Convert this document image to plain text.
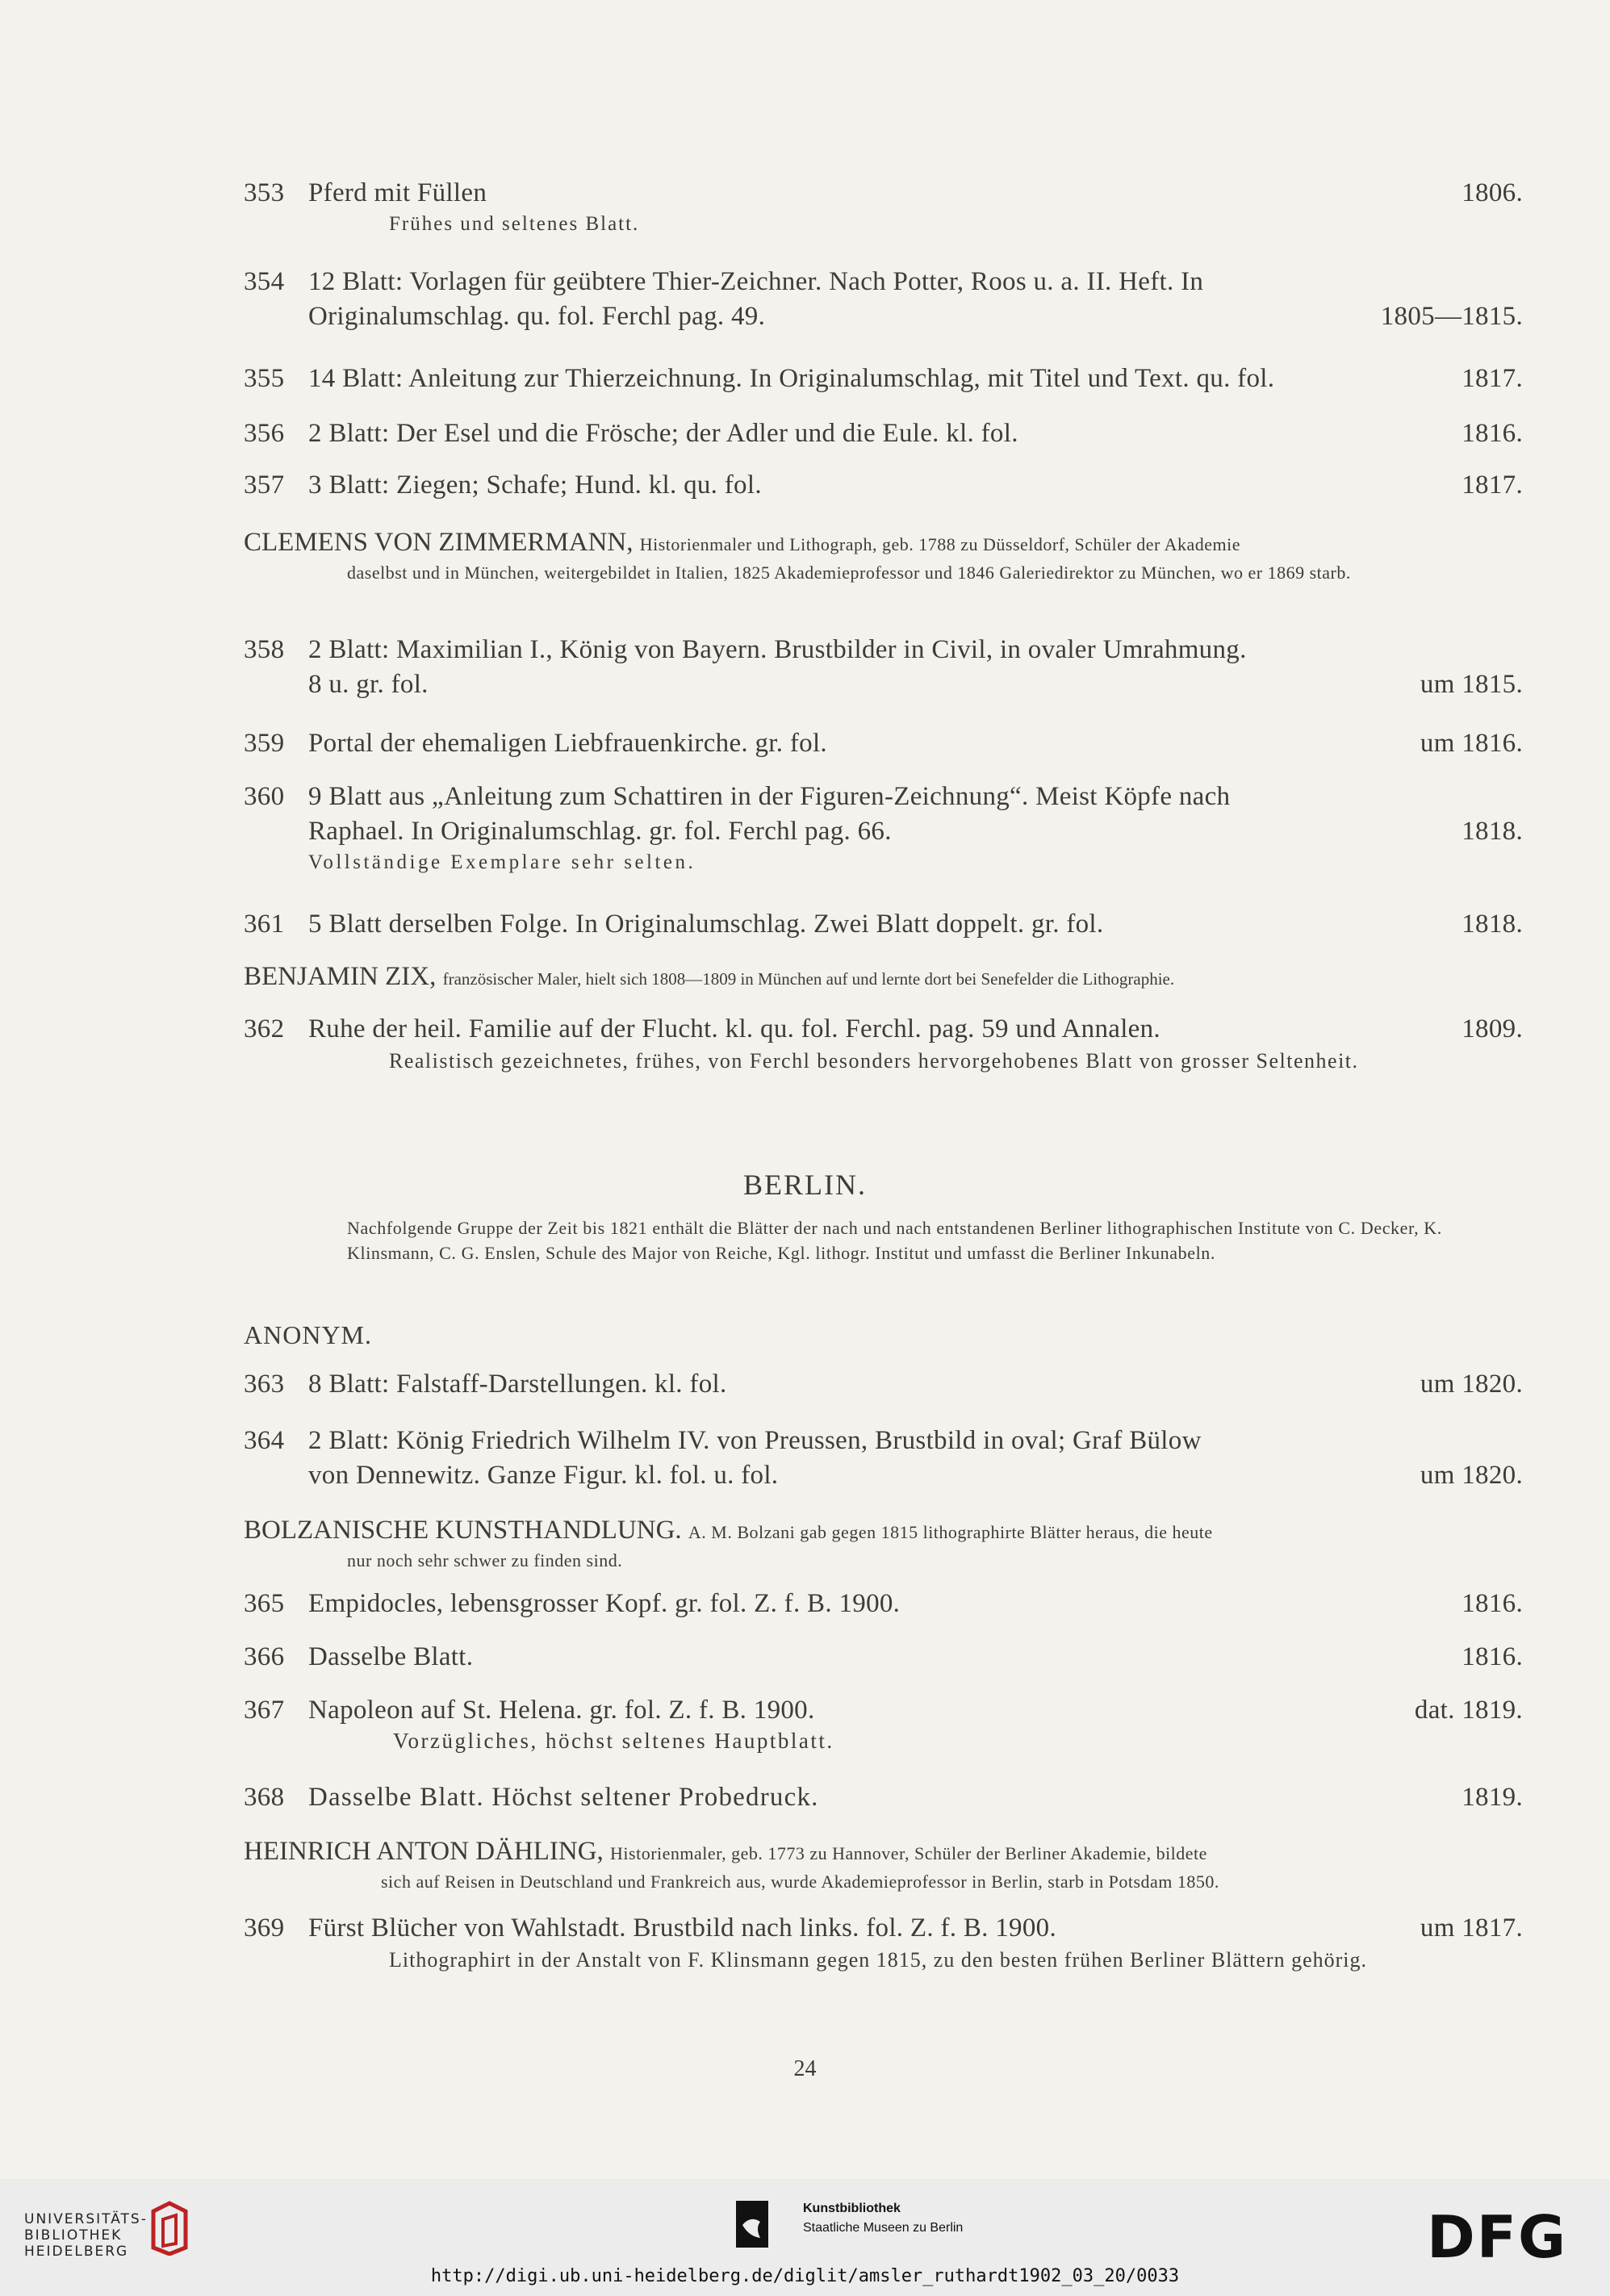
353 Pferd mit Füllen	1806.
Frühes und seltenes Blatt.
354 12 Blatt: Vorlagen für geübtere Thier-Zeichner. Nach Potter, Roos u. a. II. Heft. In
Originalumschlag. qu. fol. Ferchl pag. 49.	1805—1815.
355 14 Blatt: Anleitung zur Thierzeichnung. In Originalumschlag, mit Titel und Text. qu. fol.	1817.
356 2 Blatt: Der Esel und die Frösche; der Adler und die Eule. kl. fol.	1816.
357 3 Blatt: Ziegen; Schafe; Hund. kl. qu. fol.	1817.
CLEMENS VON ZIMMERMANN, Historienmaler und Lithograph, geb. 1788 zu Düsseldorf, Schüler der Akademie
daselbst und in München, weitergebildet in Italien, 1825 Akademieprofessor und 1846 Galeriedirektor zu München, wo er 1869 starb.
358 2 Blatt: Maximilian I., König von Bayern. Brustbilder in Civil, in ovaler Umrahmung.
8 u. gr. fol.	um 1815.
359 Portal der ehemaligen Liebfrauenkirche. gr. fol.	um 1816.
360 9 Blatt aus „Anleitung zum Schattiren in der Figuren-Zeichnung“. Meist Köpfe nach
Raphael. In Originalumschlag. gr. fol. Ferchl pag. 66.	1818.
Vollständige Exemplare sehr selten.
361 5 Blatt derselben Folge. In Originalumschlag. Zwei Blatt doppelt. gr. fol.	1818.
BENJAMIN ZIX, französischer Maler, hielt sich 1808—1809 in München auf und lernte dort bei Senefelder die Lithographie.
362 Ruhe der heil. Familie auf der Flucht. kl. qu. fol. Ferchl. pag. 59 und Annalen.	1809.
Realistisch gezeichnetes, frühes, von Ferchl besonders hervorgehobenes Blatt von grosser Seltenheit.
BERLIN.
Nachfolgende Gruppe der Zeit bis 1821 enthält die Blätter der nach und nach entstandenen Berliner lithographischen Institute von C. Decker, K. Klinsmann, C. G. Enslen, Schule des Major von Reiche, Kgl. lithogr. Institut und umfasst die Berliner Inkunabeln.
ANONYM.
363 8 Blatt: Falstaff-Darstellungen. kl. fol.	um 1820.
364 2 Blatt: König Friedrich Wilhelm IV. von Preussen, Brustbild in oval; Graf Bülow
von Dennewitz. Ganze Figur. kl. fol. u. fol.	um 1820.
BOLZANISCHE KUNSTHANDLUNG. A. M. Bolzani gab gegen 1815 lithographirte Blätter heraus, die heute
nur noch sehr schwer zu finden sind.
365 Empidocles, lebensgrosser Kopf. gr. fol. Z. f. B. 1900.	1816.
366 Dasselbe Blatt.	1816.
367 Napoleon auf St. Helena. gr. fol. Z. f. B. 1900.	dat. 1819.
Vorzügliches, höchst seltenes Hauptblatt.
368 Dasselbe Blatt. Höchst seltener Probedruck.	1819.
HEINRICH ANTON DÄHLING, Historienmaler, geb. 1773 zu Hannover, Schüler der Berliner Akademie, bildete
sich auf Reisen in Deutschland und Frankreich aus, wurde Akademieprofessor in Berlin, starb in Potsdam 1850.
369 Fürst Blücher von Wahlstadt. Brustbild nach links. fol. Z. f. B. 1900.	um 1817.
Lithographirt in der Anstalt von F. Klinsmann gegen 1815, zu den besten frühen Berliner Blättern gehörig.
24
UNIVERSITÄTS-
BIBLIOTHEK
HEIDELBERG
Kunstbibliothek
Staatliche Museen zu Berlin	DFG
http://digi.ub.uni-heidelberg.de/diglit/amsler_ruthardt1902_03_20/0033
